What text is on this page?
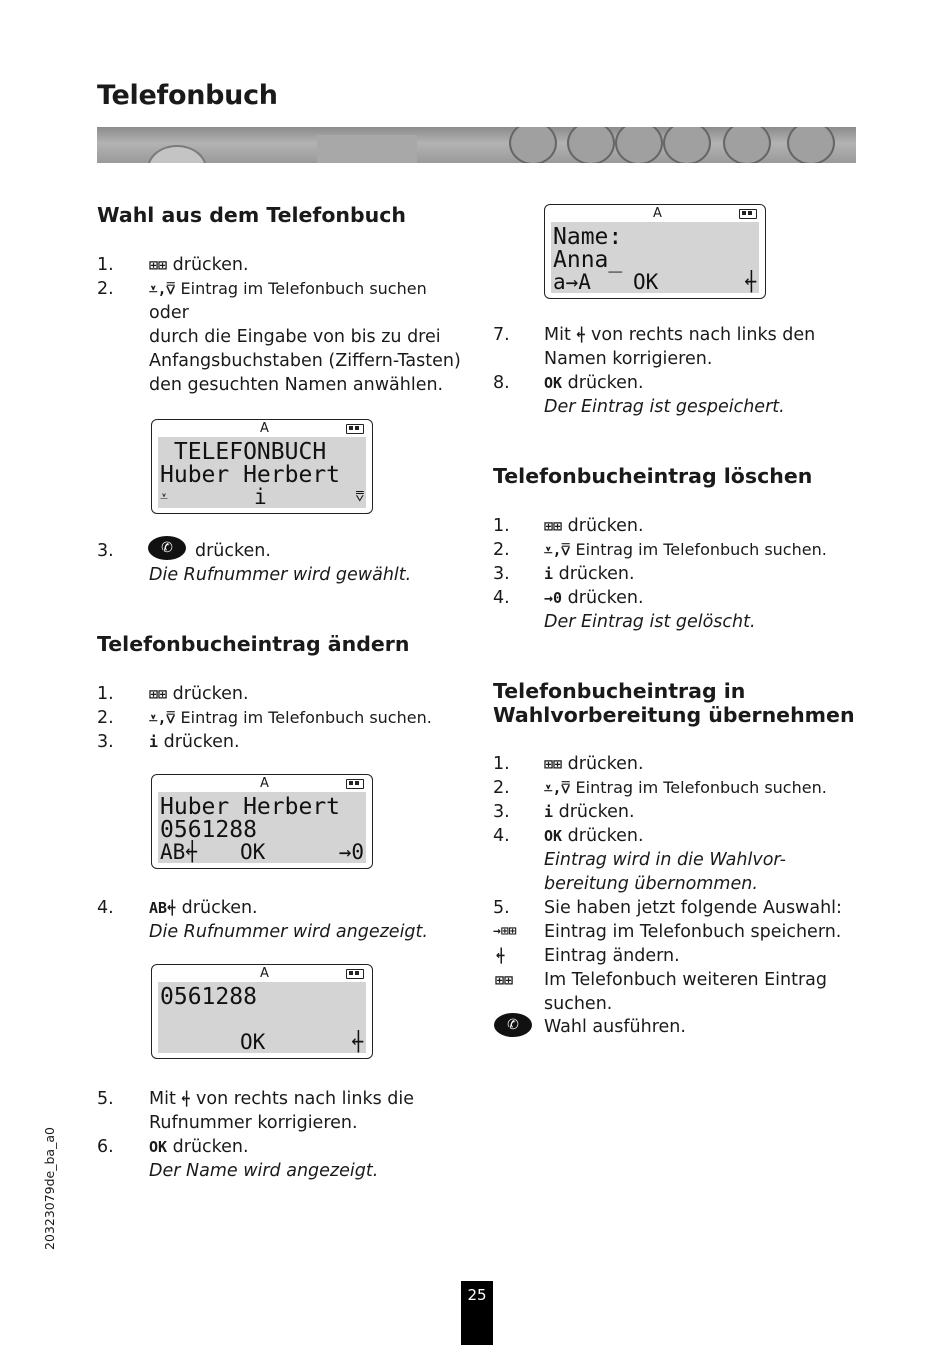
Telefonbuch
Wahl aus dem Telefonbuch
1. ⊞⊞ drücken.
2. ⩡,⩢ Eintrag im Telefonbuch suchen
oder
durch die Eingabe von bis zu drei
Anfangsbuchstaben (Ziffern-Tasten)
den gesuchten Namen anwählen.
A
TELEFONBUCH
Huber Herbert
⩡	i	⩢
3.	✆	drücken.
Die Rufnummer wird gewählt.
Telefonbucheintrag ändern
1. ⊞⊞ drücken.
2. ⩡,⩢ Eintrag im Telefonbuch suchen.
3. i drücken.
A
Huber Herbert
0561288
AB⍅ OK	→0
4. AB⍅ drücken.
Die Rufnummer wird angezeigt.
A
0561288
OK	⍅
5. Mit ⍅ von rechts nach links die
Rufnummer korrigieren.
6. OK drücken.
Der Name wird angezeigt.
A
Name:
Anna_
a→A OK	⍅
7. Mit ⍅ von rechts nach links den
Namen korrigieren.
8. OK drücken.
Der Eintrag ist gespeichert.
Telefonbucheintrag löschen
1. ⊞⊞ drücken.
2. ⩡,⩢ Eintrag im Telefonbuch suchen.
3. i drücken.
4. →0 drücken.
Der Eintrag ist gelöscht.
Telefonbucheintrag in
Wahlvorbereitung übernehmen
1. ⊞⊞ drücken.
2. ⩡,⩢ Eintrag im Telefonbuch suchen.
3. i drücken.
4. OK drücken.
Eintrag wird in die Wahlvor-
bereitung übernommen.
5. Sie haben jetzt folgende Auswahl:
→⊞⊞ Eintrag im Telefonbuch speichern.
⍅ Eintrag ändern.
⊞⊞ Im Telefonbuch weiteren Eintrag
suchen.
✆	Wahl ausführen.
20323079de_ba_a0
25
